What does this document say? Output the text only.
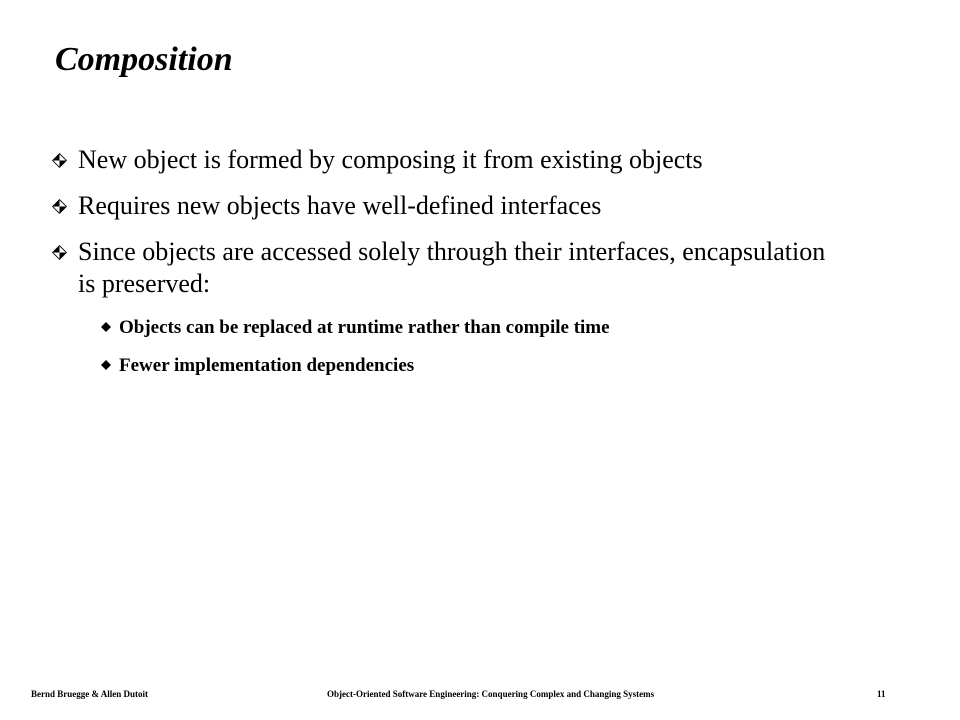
Composition
New object is formed by composing it from existing objects
Requires new objects have well-defined interfaces
Since objects are accessed solely through their interfaces, encapsulation is preserved:
Objects can be replaced at runtime rather than compile time
Fewer implementation dependencies
Bernd Bruegge & Allen Dutoit	Object-Oriented Software Engineering: Conquering Complex and Changing Systems	11
